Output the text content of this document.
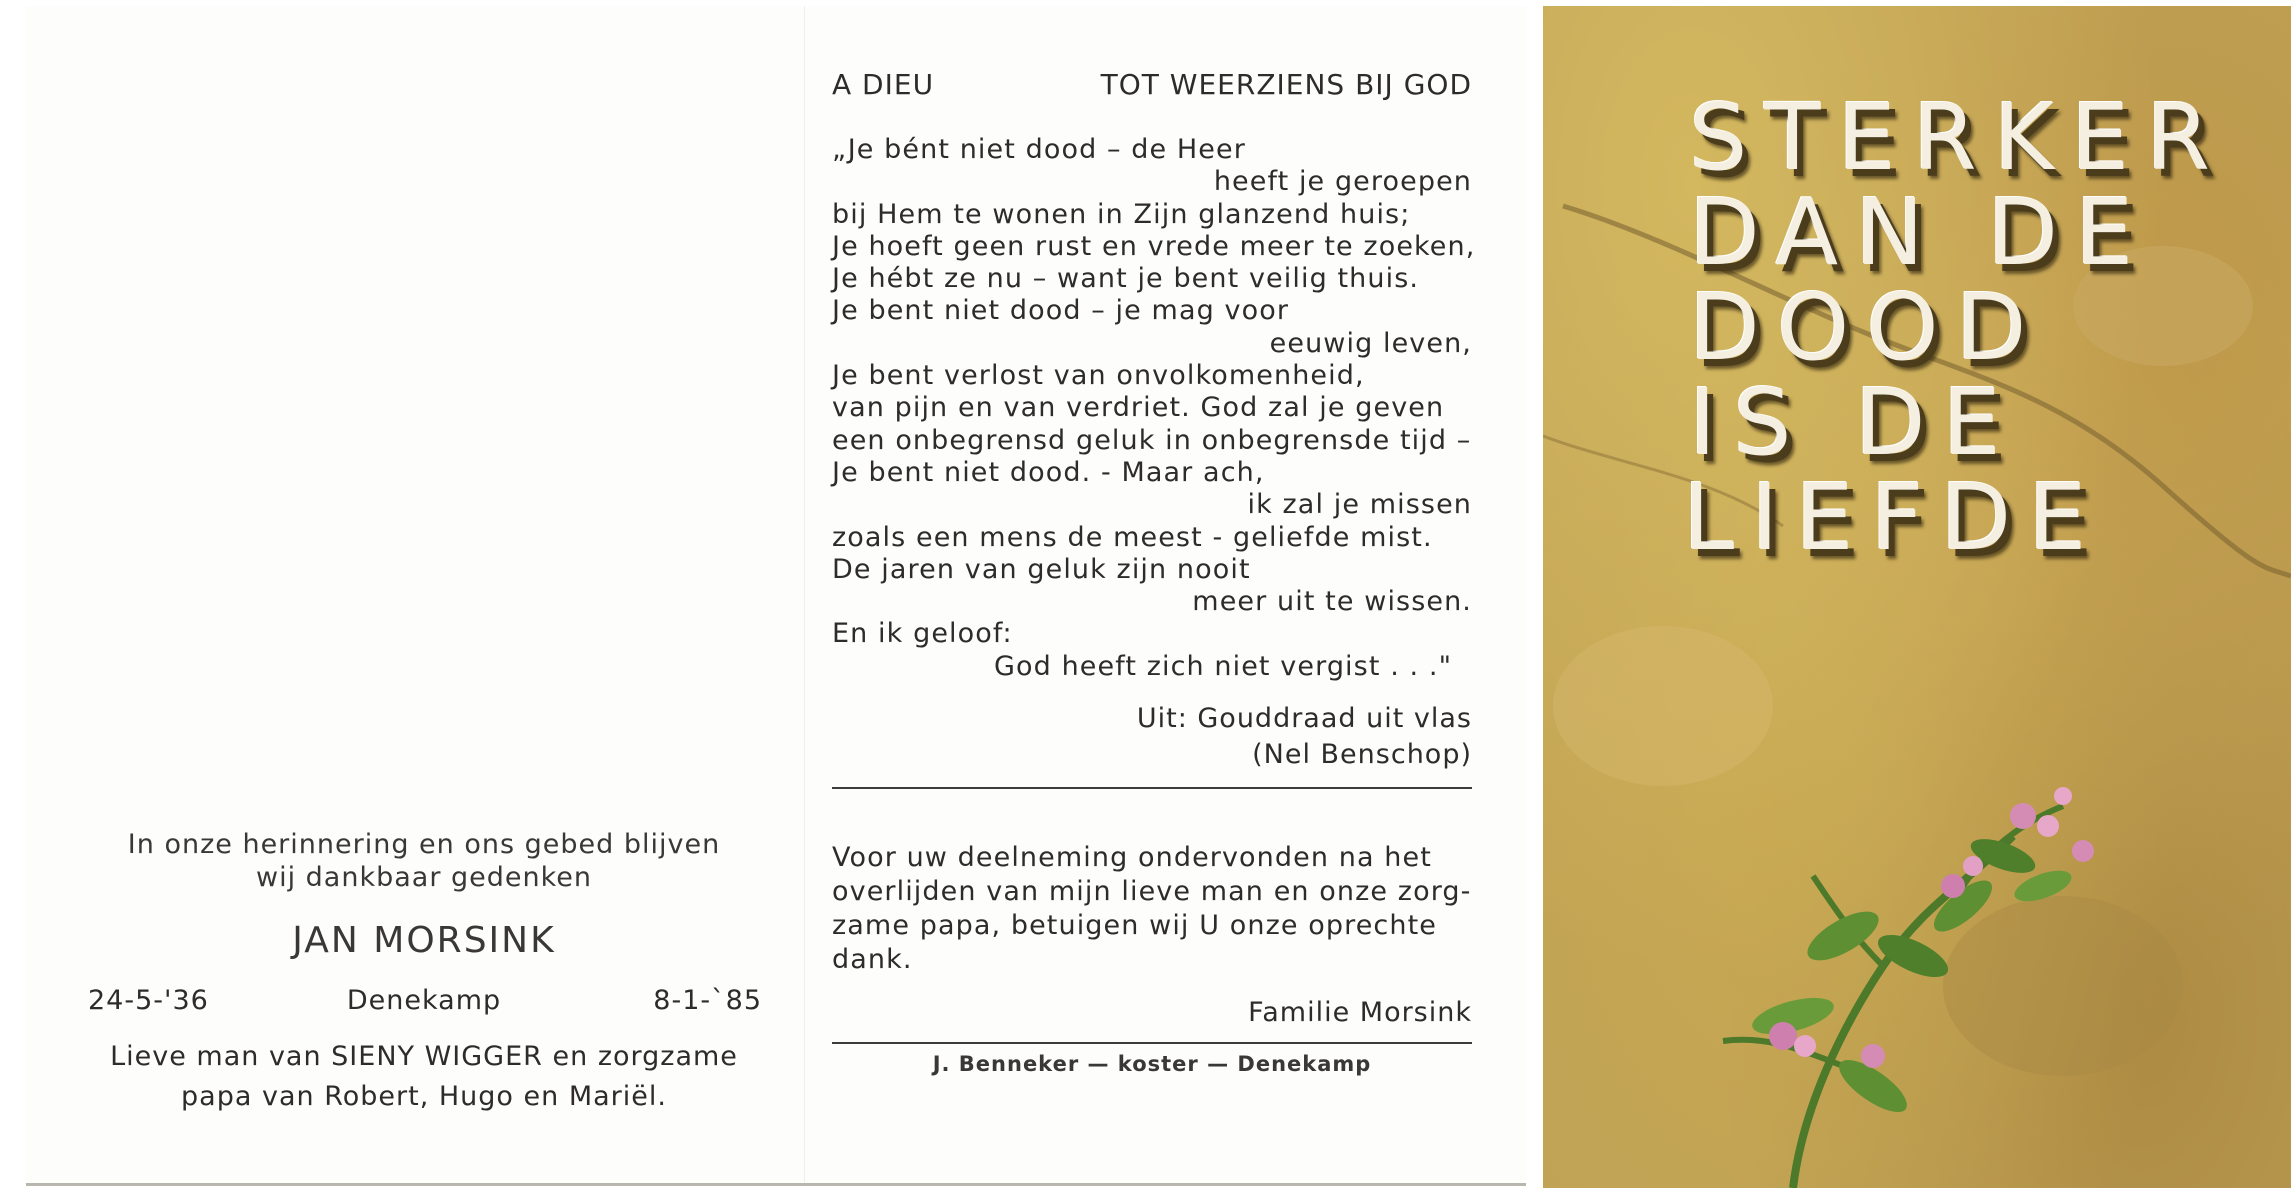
In onze herinnering en ons gebed blijven
wij dankbaar gedenken
JAN MORSINK
24-5-'36	Denekamp	8-1-`85
Lieve man van SIENY WIGGER en zorgzame
papa van Robert, Hugo en Mariël.
A DIEU	TOT WEERZIENS BIJ GOD
„Je bént niet dood – de Heer
heeft je geroepen
bij Hem te wonen in Zijn glanzend huis;
Je hoeft geen rust en vrede meer te zoeken,
Je hébt ze nu – want je bent veilig thuis.
Je bent niet dood – je mag voor
eeuwig leven,
Je bent verlost van onvolkomenheid,
van pijn en van verdriet. God zal je geven
een onbegrensd geluk in onbegrensde tijd –
Je bent niet dood. - Maar ach,
ik zal je missen
zoals een mens de meest - geliefde mist.
De jaren van geluk zijn nooit
meer uit te wissen.
En ik geloof:
God heeft zich niet vergist . . ."
Uit: Gouddraad uit vlas
(Nel Benschop)
Voor uw deelneming ondervonden na het
overlijden van mijn lieve man en onze zorg-
zame papa, betuigen wij U onze oprechte
dank.
Familie Morsink
J. Benneker — koster — Denekamp
STERKER
DAN DE
DOOD
IS DE
LIEFDE
